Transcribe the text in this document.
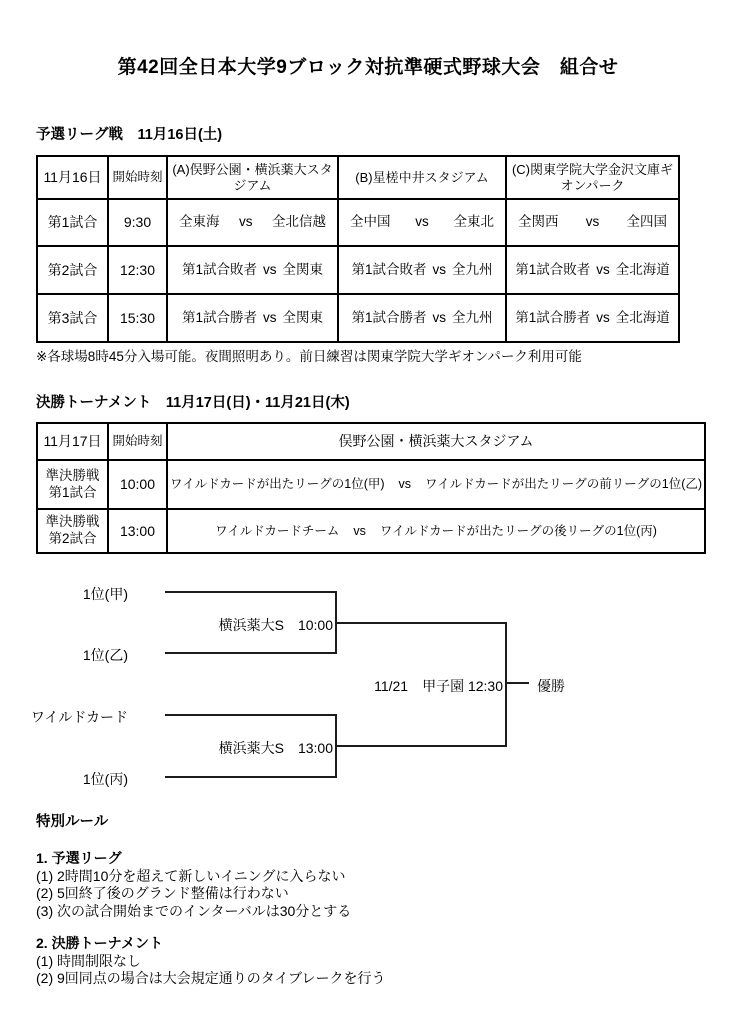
第42回全日本大学9ブロック対抗準硬式野球大会　組合せ
予選リーグ戦　11月16日(土)
11月16日	開始時刻	(A)俣野公園・横浜薬大スタジアム	(B)星槎中井スタジアム	(C)関東学院大学金沢文庫ギオンパーク
第1試合	9:30	全東海 vs 全北信越	全中国 vs 全東北	全関西 vs 全四国

第2試合	12:30	第1試合敗者 vs 全関東	第1試合敗者 vs 全九州	第1試合敗者 vs 全北海道

第3試合	15:30	第1試合勝者 vs 全関東	第1試合勝者 vs 全九州	第1試合勝者 vs 全北海道
※各球場8時45分入場可能。夜間照明あり。前日練習は関東学院大学ギオンパーク利用可能
決勝トーナメント　11月17日(日)・11月21日(木)
11月17日	開始時刻	俣野公園・横浜薬大スタジアム

準決勝戦
第1試合	10:00	ワイルドカードが出たリーグの1位(甲) vs ワイルドカードが出たリーグの前リーグの1位(乙)

準決勝戦
第2試合	13:00	ワイルドカードチーム vs ワイルドカードが出たリーグの後リーグの1位(丙)
1位(甲)
1位(乙)
ワイルドカード
1位(丙)
横浜薬大S　10:00
横浜薬大S　13:00
11/21　甲子園 12:30 優勝

特別ルール

1. 予選リーグ

(1) 2時間10分を超えて新しいイニングに入らない

(2) 5回終了後のグランド整備は行わない

(3) 次の試合開始までのインターバルは30分とする

2. 決勝トーナメント

(1) 時間制限なし

(2) 9回同点の場合は大会規定通りのタイブレークを行う
